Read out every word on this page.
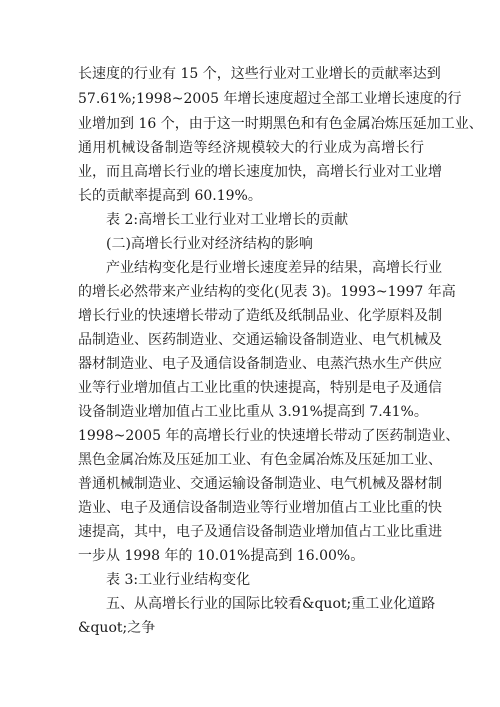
长速度的行业有 15 个，这些行业对工业增长的贡献率达到
57.61%;1998~2005 年增长速度超过全部工业增长速度的行
业增加到 16 个，由于这一时期黑色和有色金属冶炼压延加工业、
通用机械设备制造等经济规模较大的行业成为高增长行
业，而且高增长行业的增长速度加快，高增长行业对工业增
长的贡献率提高到 60.19%。
表 2:高增长工业行业对工业增长的贡献
(二)高增长行业对经济结构的影响
产业结构变化是行业增长速度差异的结果，高增长行业
的增长必然带来产业结构的变化(见表 3)。1993~1997 年高
增长行业的快速增长带动了造纸及纸制品业、化学原料及制
品制造业、医药制造业、交通运输设备制造业、电气机械及
器材制造业、电子及通信设备制造业、电蒸汽热水生产供应
业等行业增加值占工业比重的快速提高，特别是电子及通信
设备制造业增加值占工业比重从 3.91%提高到 7.41%。
1998~2005 年的高增长行业的快速增长带动了医药制造业、
黑色金属冶炼及压延加工业、有色金属冶炼及压延加工业、
普通机械制造业、交通运输设备制造业、电气机械及器材制
造业、电子及通信设备制造业等行业增加值占工业比重的快
速提高，其中，电子及通信设备制造业增加值占工业比重进
一步从 1998 年的 10.01%提高到 16.00%。
表 3:工业行业结构变化
五、从高增长行业的国际比较看&quot;重工业化道路
&quot;之争
